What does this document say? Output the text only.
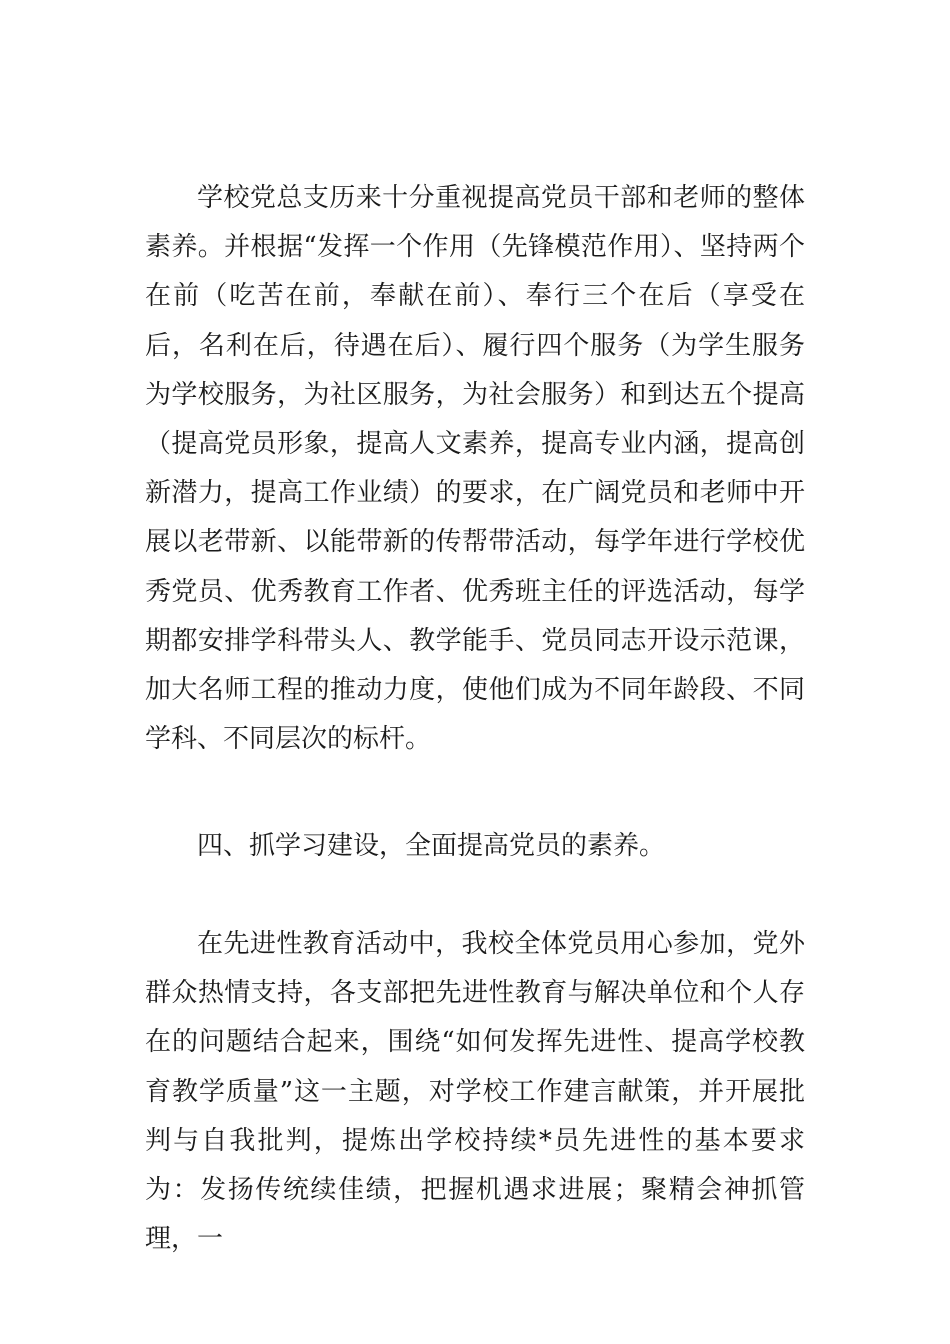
学校党总支历来十分重视提高党员干部和老师的整体素养。并根据“发挥一个作用（先锋模范作用）、坚持两个在前（吃苦在前，奉献在前）、奉行三个在后（享受在后，名利在后，待遇在后）、履行四个服务（为学生服务为学校服务，为社区服务，为社会服务）和到达五个提高（提高党员形象，提高人文素养，提高专业内涵，提高创新潜力，提高工作业绩）的要求，在广阔党员和老师中开展以老带新、以能带新的传帮带活动，每学年进行学校优秀党员、优秀教育工作者、优秀班主任的评选活动，每学期都安排学科带头人、教学能手、党员同志开设示范课，加大名师工程的推动力度，使他们成为不同年龄段、不同学科、不同层次的标杆。

四、抓学习建设，全面提高党员的素养。

在先进性教育活动中，我校全体党员用心参加，党外群众热情支持，各支部把先进性教育与解决单位和个人存在的问题结合起来，围绕“如何发挥先进性、提高学校教育教学质量”这一主题，对学校工作建言献策，并开展批判与自我批判，提炼出学校持续*员先进性的基本要求为：发扬传统续佳绩，把握机遇求进展；聚精会神抓管理，一
